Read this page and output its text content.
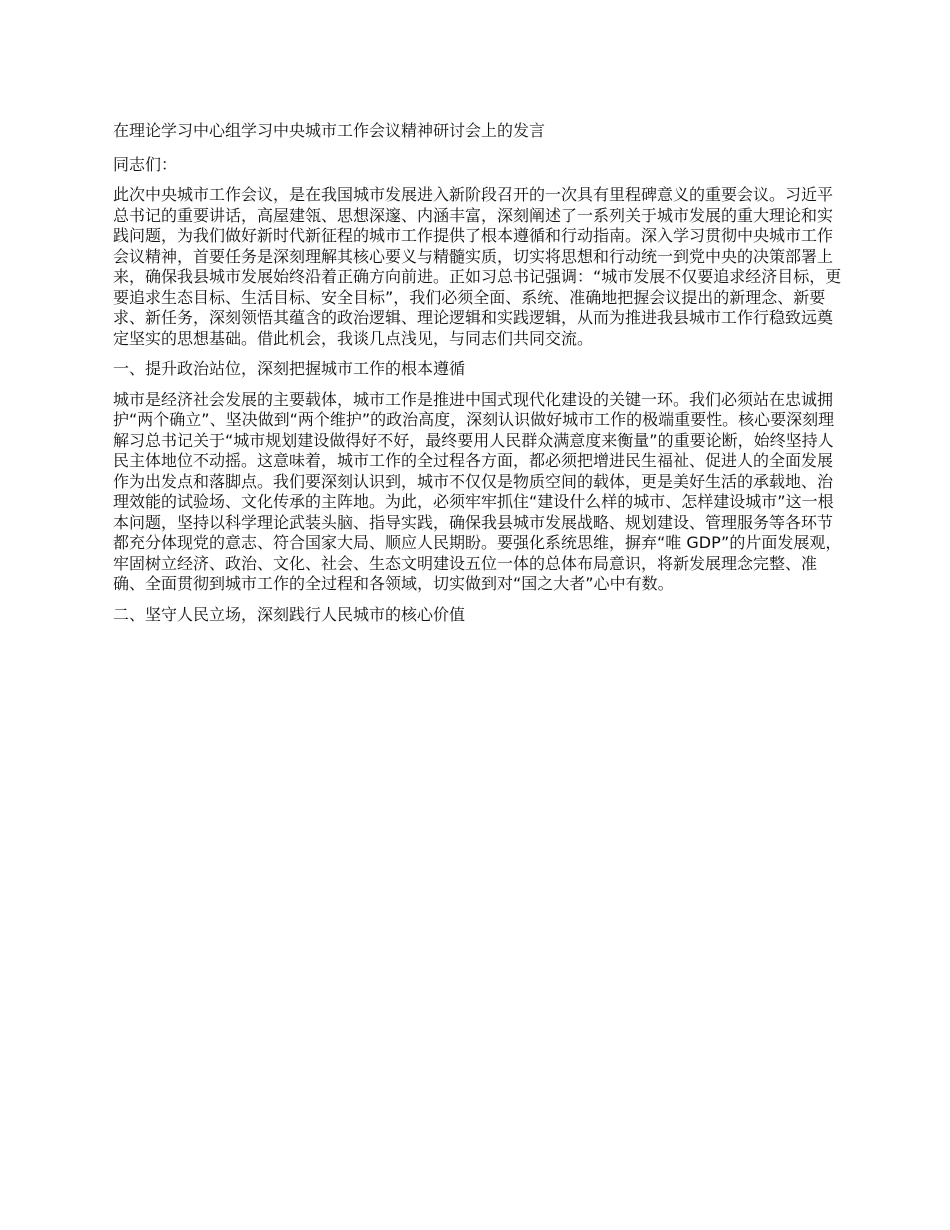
在理论学习中心组学习中央城市工作会议精神研讨会上的发言

同志们：

此次中央城市工作会议，是在我国城市发展进入新阶段召开的一次具有里程碑意义的重要会议。习近平总书记的重要讲话，高屋建瓴、思想深邃、内涵丰富，深刻阐述了一系列关于城市发展的重大理论和实践问题，为我们做好新时代新征程的城市工作提供了根本遵循和行动指南。深入学习贯彻中央城市工作会议精神，首要任务是深刻理解其核心要义与精髓实质，切实将思想和行动统一到党中央的决策部署上来，确保我县城市发展始终沿着正确方向前进。正如习总书记强调：“城市发展不仅要追求经济目标，更要追求生态目标、生活目标、安全目标”，我们必须全面、系统、准确地把握会议提出的新理念、新要求、新任务，深刻领悟其蕴含的政治逻辑、理论逻辑和实践逻辑，从而为推进我县城市工作行稳致远奠定坚实的思想基础。借此机会，我谈几点浅见，与同志们共同交流。

一、提升政治站位，深刻把握城市工作的根本遵循

城市是经济社会发展的主要载体，城市工作是推进中国式现代化建设的关键一环。我们必须站在忠诚拥护“两个确立”、坚决做到“两个维护”的政治高度，深刻认识做好城市工作的极端重要性。核心要深刻理解习总书记关于“城市规划建设做得好不好，最终要用人民群众满意度来衡量”的重要论断，始终坚持人民主体地位不动摇。这意味着，城市工作的全过程各方面，都必须把增进民生福祉、促进人的全面发展作为出发点和落脚点。我们要深刻认识到，城市不仅仅是物质空间的载体，更是美好生活的承载地、治理效能的试验场、文化传承的主阵地。为此，必须牢牢抓住“建设什么样的城市、怎样建设城市”这一根本问题，坚持以科学理论武装头脑、指导实践，确保我县城市发展战略、规划建设、管理服务等各环节都充分体现党的意志、符合国家大局、顺应人民期盼。要强化系统思维，摒弃“唯 GDP”的片面发展观，牢固树立经济、政治、文化、社会、生态文明建设五位一体的总体布局意识，将新发展理念完整、准确、全面贯彻到城市工作的全过程和各领域，切实做到对“国之大者”心中有数。

二、坚守人民立场，深刻践行人民城市的核心价值
